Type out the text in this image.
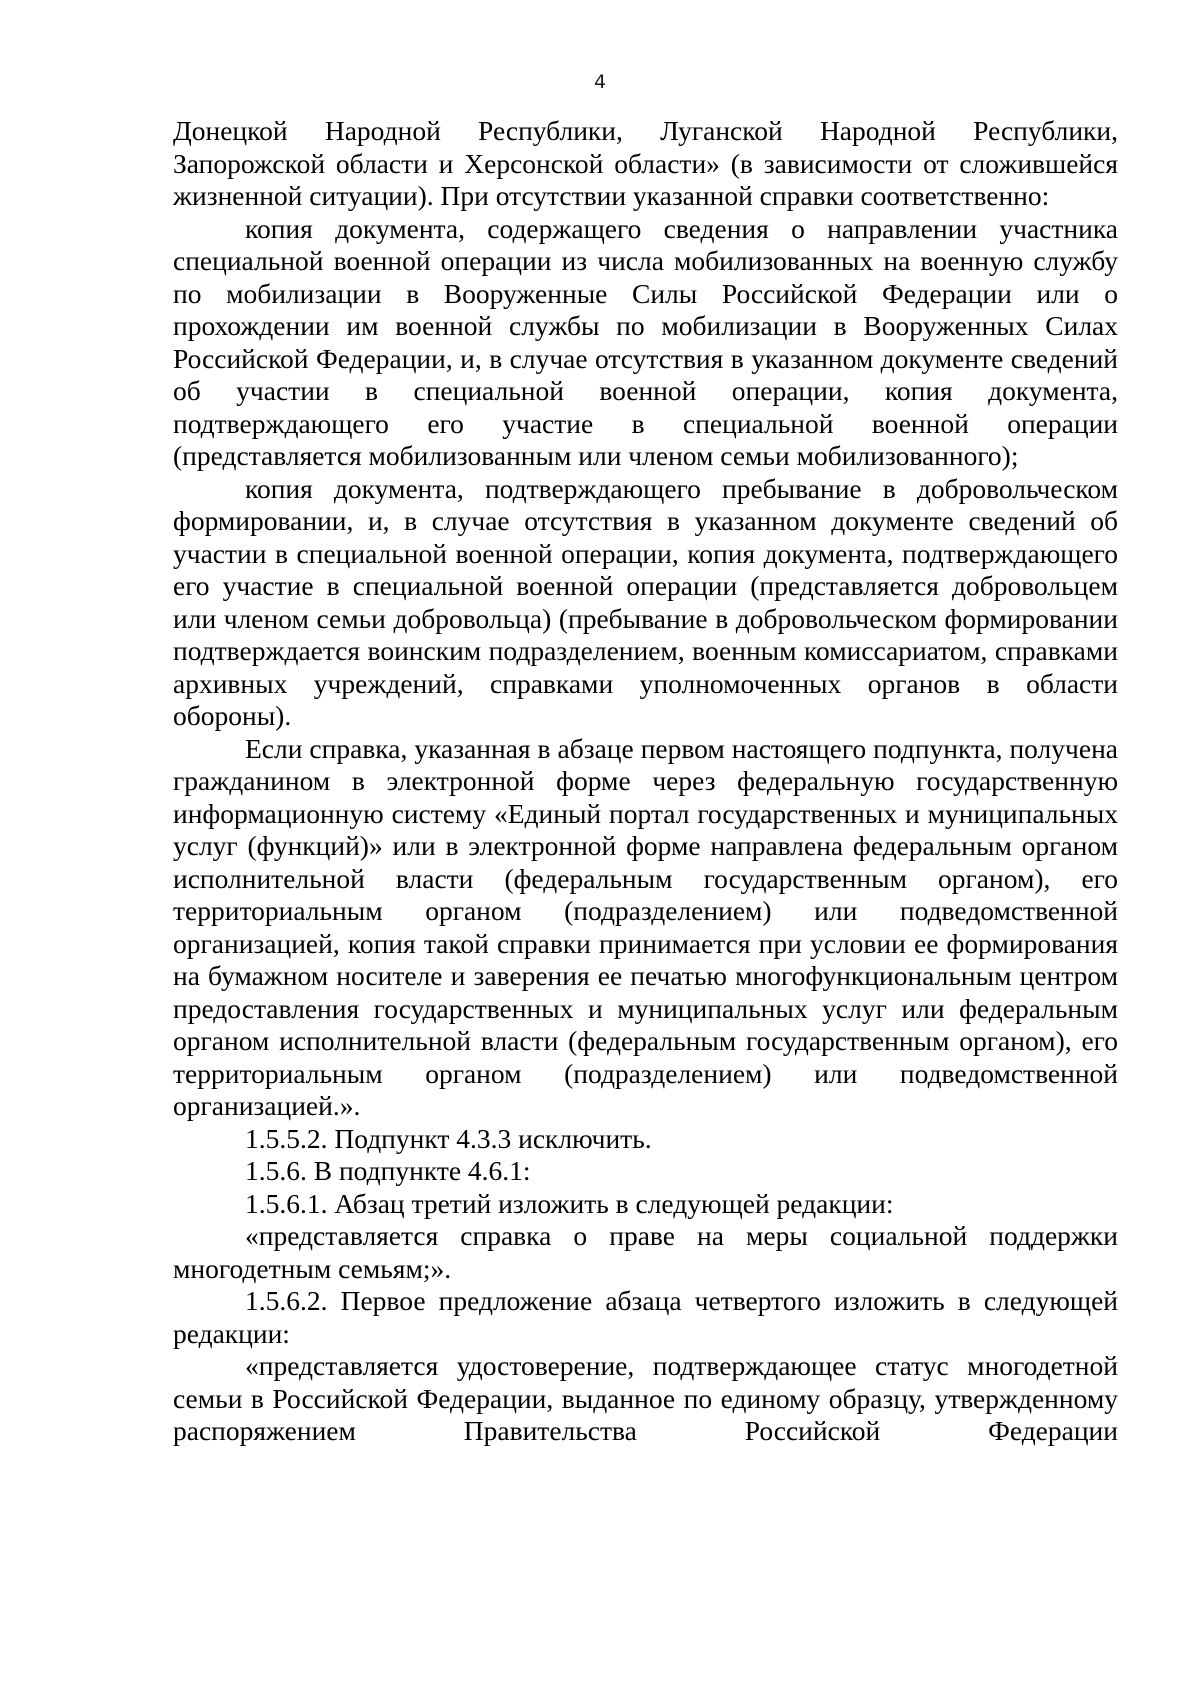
4

Донецкой Народной Республики, Луганской Народной Республики, Запорожской области и Херсонской области» (в зависимости от сложившейся жизненной ситуации). При отсутствии указанной справки соответственно:

копия документа, содержащего сведения о направлении участника специальной военной операции из числа мобилизованных на военную службу по мобилизации в Вооруженные Силы Российской Федерации или о прохождении им военной службы по мобилизации в Вооруженных Силах Российской Федерации, и, в случае отсутствия в указанном документе сведений об участии в специальной военной операции, копия документа, подтверждающего его участие в специальной военной операции (представляется мобилизованным или членом семьи мобилизованного);

копия документа, подтверждающего пребывание в добровольческом формировании, и, в случае отсутствия в указанном документе сведений об участии в специальной военной операции, копия документа, подтверждающего его участие в специальной военной операции (представляется добровольцем или членом семьи добровольца) (пребывание в добровольческом формировании подтверждается воинским подразделением, военным комиссариатом, справками архивных учреждений, справками уполномоченных органов в области обороны).

Если справка, указанная в абзаце первом настоящего подпункта, получена гражданином в электронной форме через федеральную государственную информационную систему «Единый портал государственных и муниципальных услуг (функций)» или в электронной форме направлена федеральным органом исполнительной власти (федеральным государственным органом), его территориальным органом (подразделением) или подведомственной организацией, копия такой справки принимается при условии ее формирования на бумажном носителе и заверения ее печатью многофункциональным центром предоставления государственных и муниципальных услуг или федеральным органом исполнительной власти (федеральным государственным органом), его территориальным органом (подразделением) или подведомственной организацией.».

1.5.5.2. Подпункт 4.3.3 исключить.

1.5.6. В подпункте 4.6.1:

1.5.6.1. Абзац третий изложить в следующей редакции:

«представляется справка о праве на меры социальной поддержки многодетным семьям;».

1.5.6.2. Первое предложение абзаца четвертого изложить в следующей редакции:

«представляется удостоверение, подтверждающее статус многодетной семьи в Российской Федерации, выданное по единому образцу, утвержденному распоряжением Правительства Российской Федерации
